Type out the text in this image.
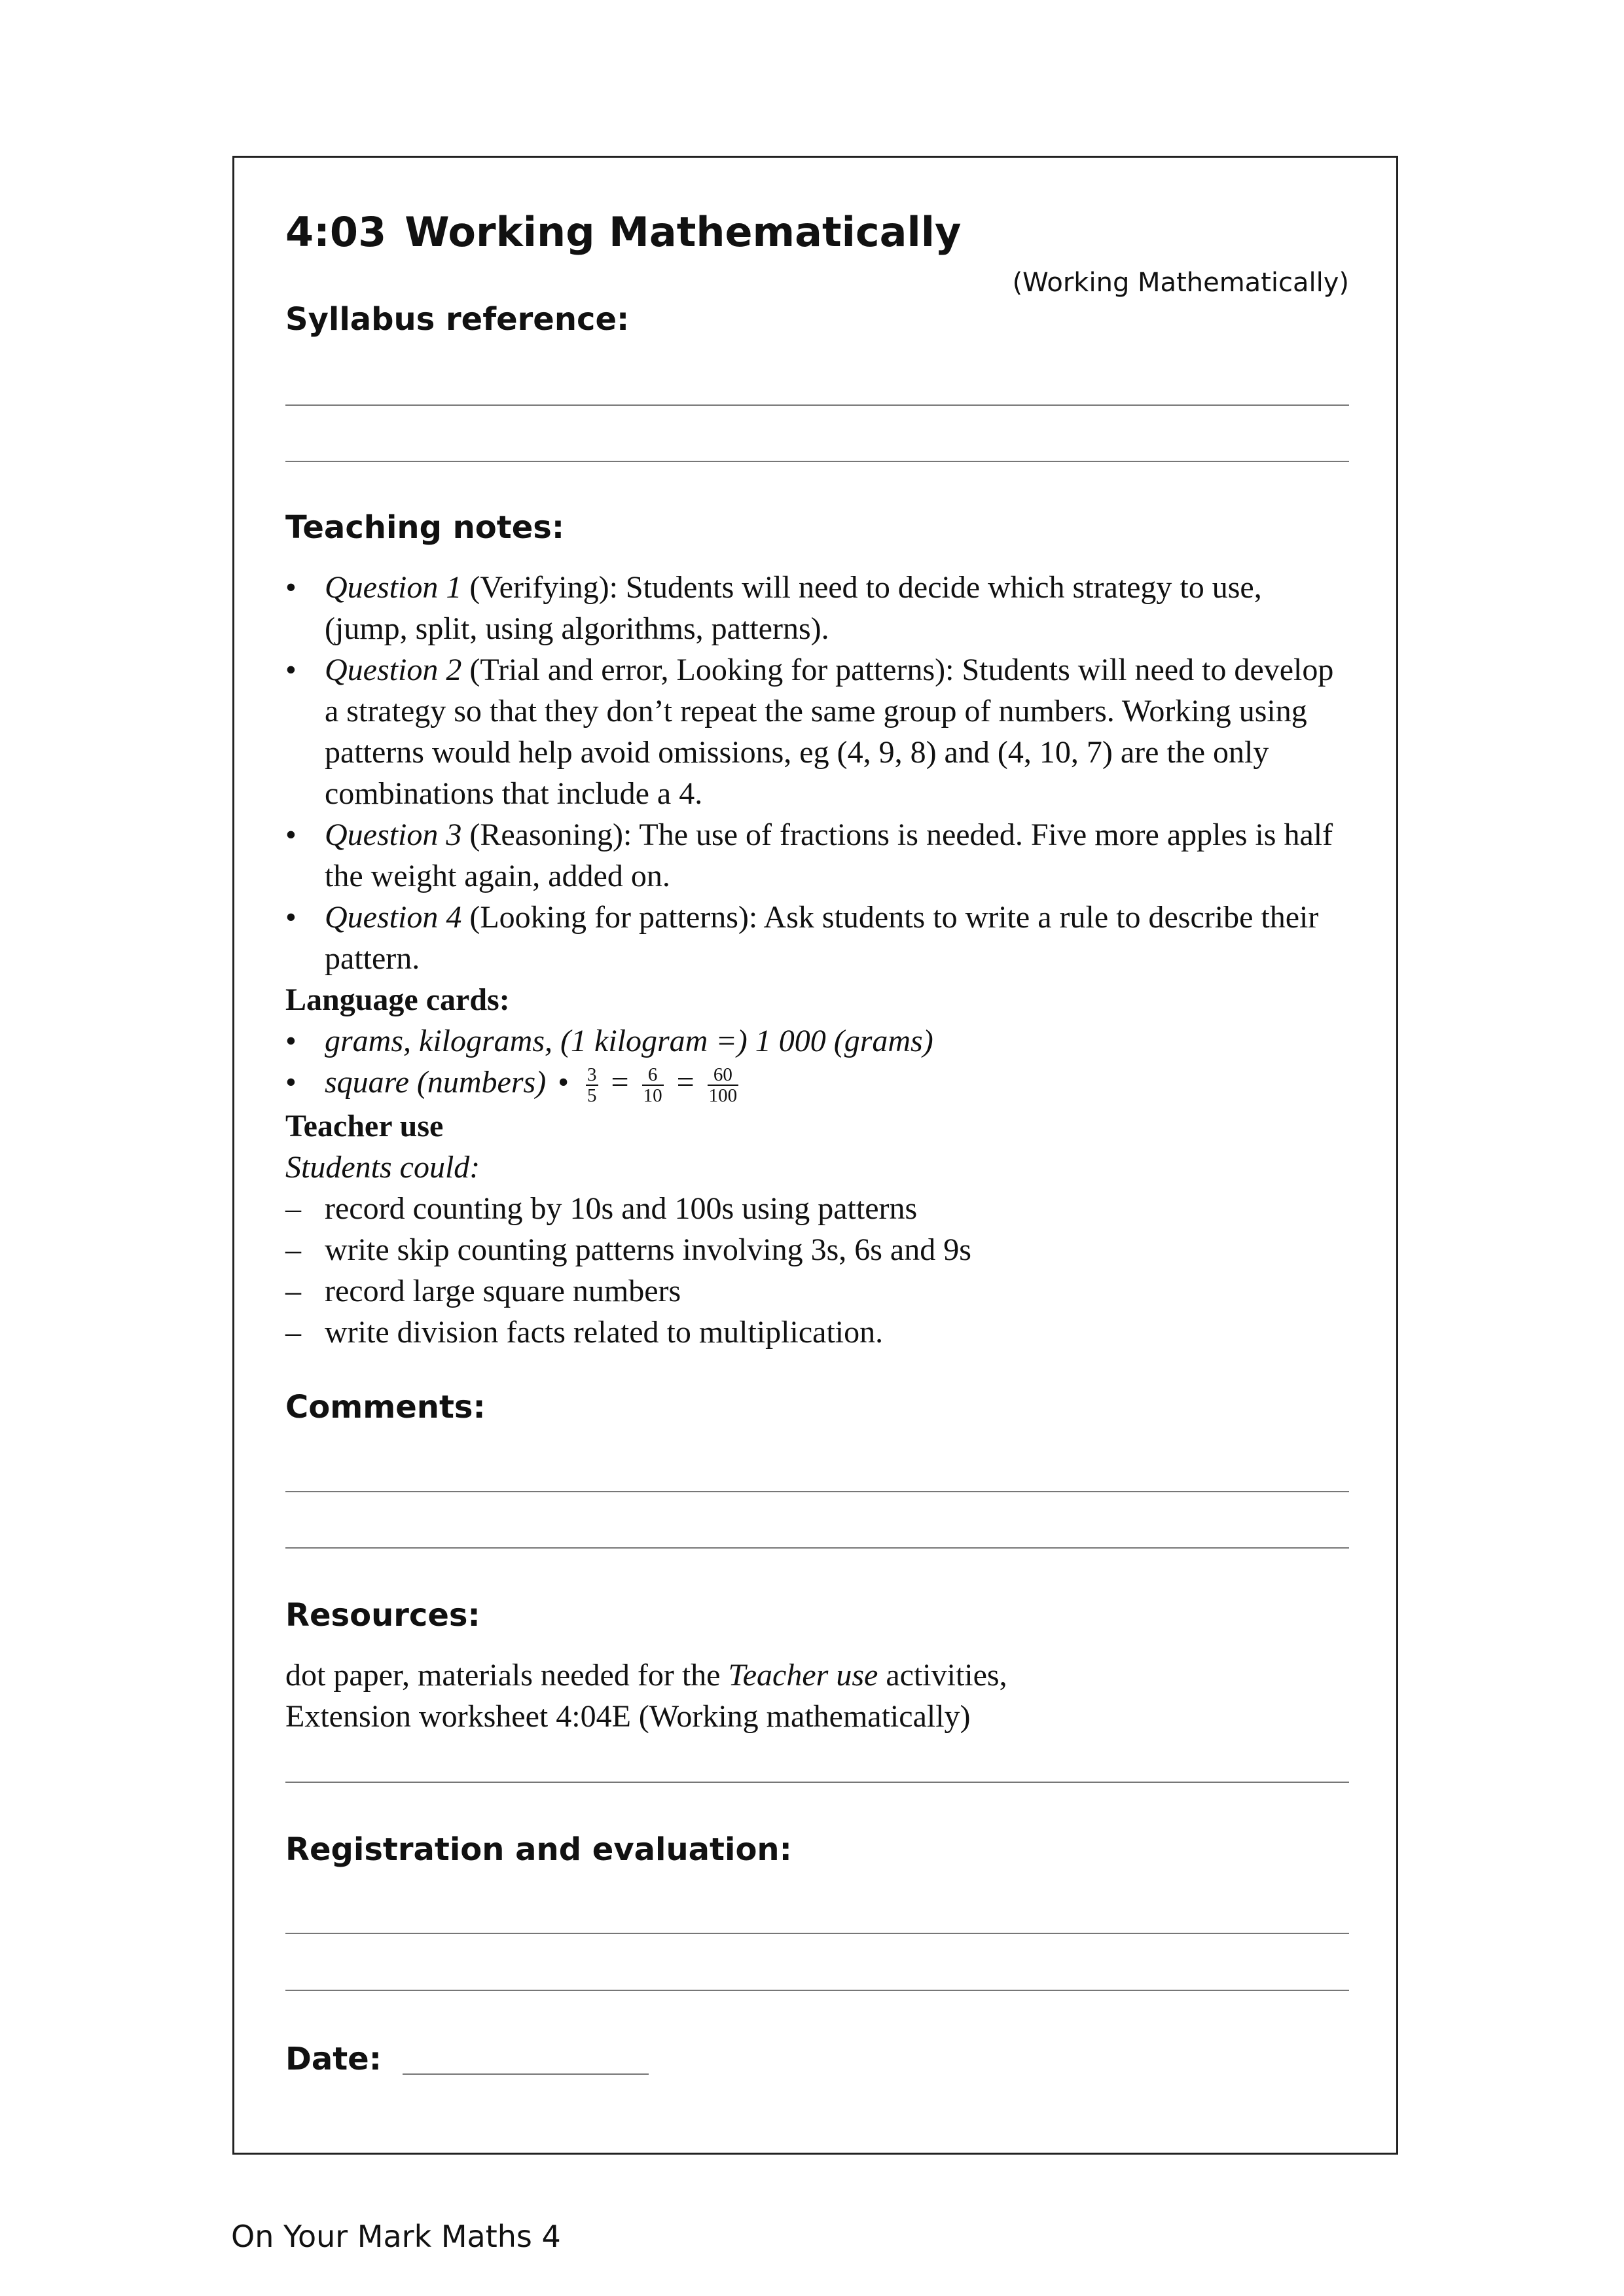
4:03 Working Mathematically
(Working Mathematically)
Syllabus reference:
Teaching notes:
• Question 1 (Verifying): Students will need to decide which strategy to use, (jump, split, using algorithms, patterns).
• Question 2 (Trial and error, Looking for patterns): Students will need to develop a strategy so that they don’t repeat the same group of numbers. Working using patterns would help avoid omissions, eg (4, 9, 8) and (4, 10, 7) are the only combinations that include a 4.
• Question 3 (Reasoning): The use of fractions is needed. Five more apples is half the weight again, added on.
• Question 4 (Looking for patterns): Ask students to write a rule to describe their pattern.

Language cards:

• grams, kilograms, (1 kilogram =) 1 000 (grams)
• square (numbers) • $\frac{3}{5} = \frac{6}{10} = \frac{60}{100}$

Teacher use

Students could:

– record counting by 10s and 100s using patterns
– write skip counting patterns involving 3s, 6s and 9s
– record large square numbers
– write division facts related to multiplication.
Comments:
Resources:
dot paper, materials needed for the Teacher use activities,
Extension worksheet 4:04E (Working mathematically)
Registration and evaluation:
Date:
On Your Mark Maths 4
